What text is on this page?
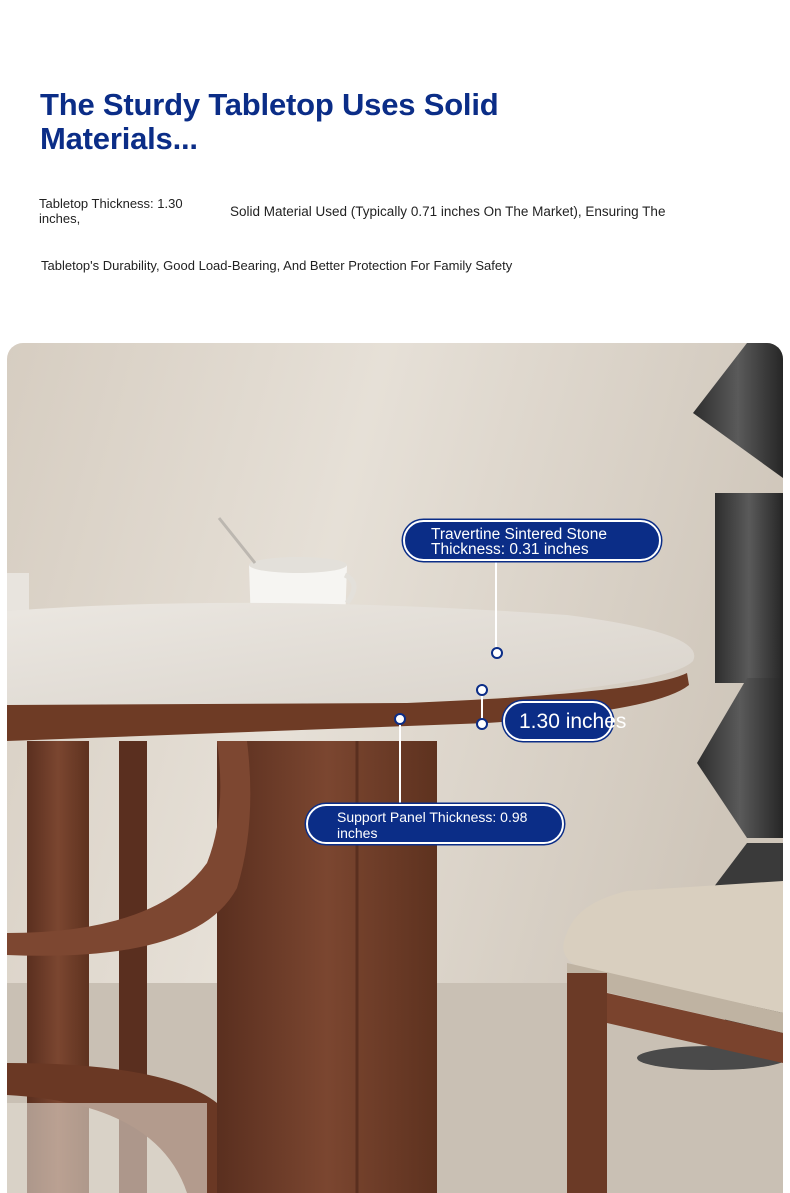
The Sturdy Tabletop Uses Solid Materials...
Tabletop Thickness: 1.30 inches,	Solid Material Used (Typically 0.71 inches On The Market), Ensuring The
Tabletop's Durability, Good Load-Bearing, And Better Protection For Family Safety
Travertine Sintered Stone Thickness: 0.31 inches
1.30 inches
Support Panel Thickness: 0.98 inches
